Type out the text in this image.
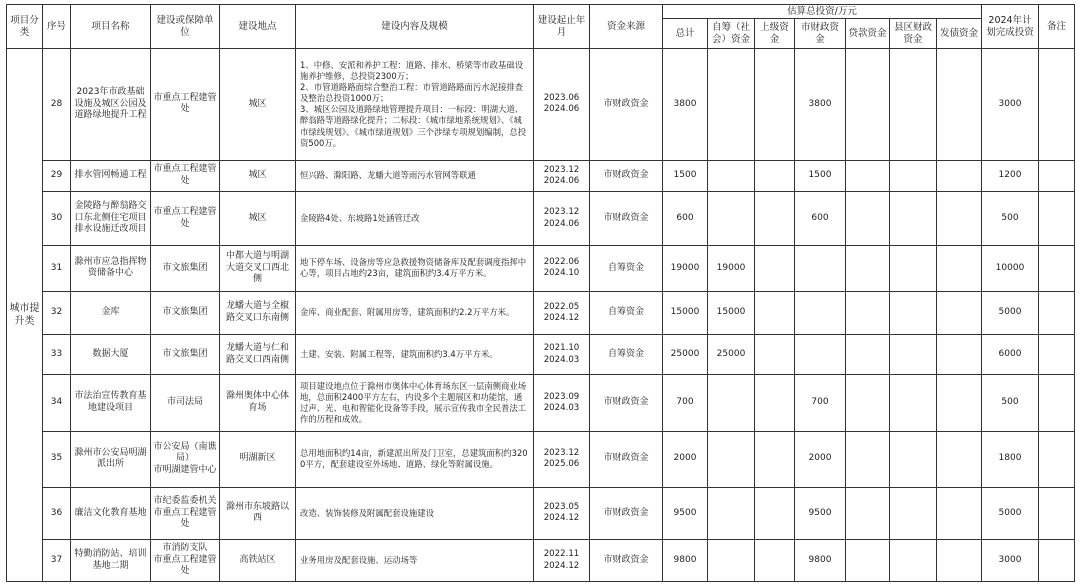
项目分类	序号	项目名称	建设或保障单位	建设地点	建设内容及规模	建设起止年月	资金来源	估算总投资/万元							2024年计划完成投资	备注
								总计	自筹（社会）资金	上级资金	市财政资金	贷款资金	县区财政资金	发债资金		
城市提升类	28	2023年市政基础设施及城区公园及道路绿地提升工程	市重点工程建管处	城区	1、中修、安派和养护工程：道路、排水、桥梁等市政基础设施养护维修，总投资2300万；
2、市管道路路面综合整治工程：市管道路路面污水泥接排查及整治总投资1000万；
3、城区公园及道路绿地管理提升项目：一标段：明湖大道、醉翁路等道路绿化提升；二标段：《城市绿地系统规划》、《城市绿线规划》、《城市绿道规划》三个涉绿专项规划编制，总投资500万。	2023.06
2024.06	市财政资金	3800			3800				3000	
	29	排水管网畅通工程	市重点工程建管处	城区	恒兴路、滁阳路、龙蟠大道等雨污水管网等联通	2023.12
2024.06	市财政资金	1500			1500				1200	
	30	金陵路与醉翁路交口东北侧住宅项目排水设施迁改项目	市重点工程建管处	城区	金陵路4处、东坡路1处涵管迁改	2023.12
2024.06	市财政资金	600			600				500	
	31	滁州市应急指挥物资储备中心	市文旅集团	中都大道与明湖大道交叉口西北侧	地下停车场、设备房等应急救援物资储备库及配套调度指挥中心等，项目占地约23亩，建筑面积约3.4万平方米。	2022.06
2024.10	自筹资金	19000	19000						10000	
	32	金库	市文旅集团	龙蟠大道与全椒路交叉口东南侧	金库、商业配套、附属用房等，建筑面积约2.2万平方米。	2022.05
2024.12	自筹资金	15000	15000						5000	
	33	数据大厦	市文旅集团	龙蟠大道与仁和路交叉口西南侧	土建、安装、附属工程等，建筑面积约3.4万平方米。	2021.10
2024.03	自筹资金	25000	25000						6000	
	34	市法治宣传教育基地建设项目	市司法局	滁州奥体中心体育场	项目建设地点位于滁州市奥体中心体育场东区一层南侧商业场地，总面积2400平方左右，内设多个主题展区和功能馆，通过声、光、电和智能化设备等手段，展示宣传我市全民普法工作的历程和成效。	2023.09
2024.03	市财政资金	700			700				500	
	35	滁州市公安局明湖派出所	市公安局（南谯局）
市明湖建管中心	明湖新区	总用地面积约14亩，新建派出所及门卫室，总建筑面积约3200平方，配套建设室外场地、道路、绿化等附属设施。	2023.12
2025.06	市财政资金	2000			2000				1800	
	36	廉洁文化教育基地	市纪委监委机关
市重点工程建管处	滁州市东坡路以西	改造、装饰装修及附属配套设施建设	2023.05
2024.12	市财政资金	9500			9500				5000	
	37	特勤消防站、培训基地二期	市消防支队
市重点工程建管处	高铁站区	业务用房及配套设施、运动场等	2022.11
2024.12	市财政资金	9800			9800				3000	
